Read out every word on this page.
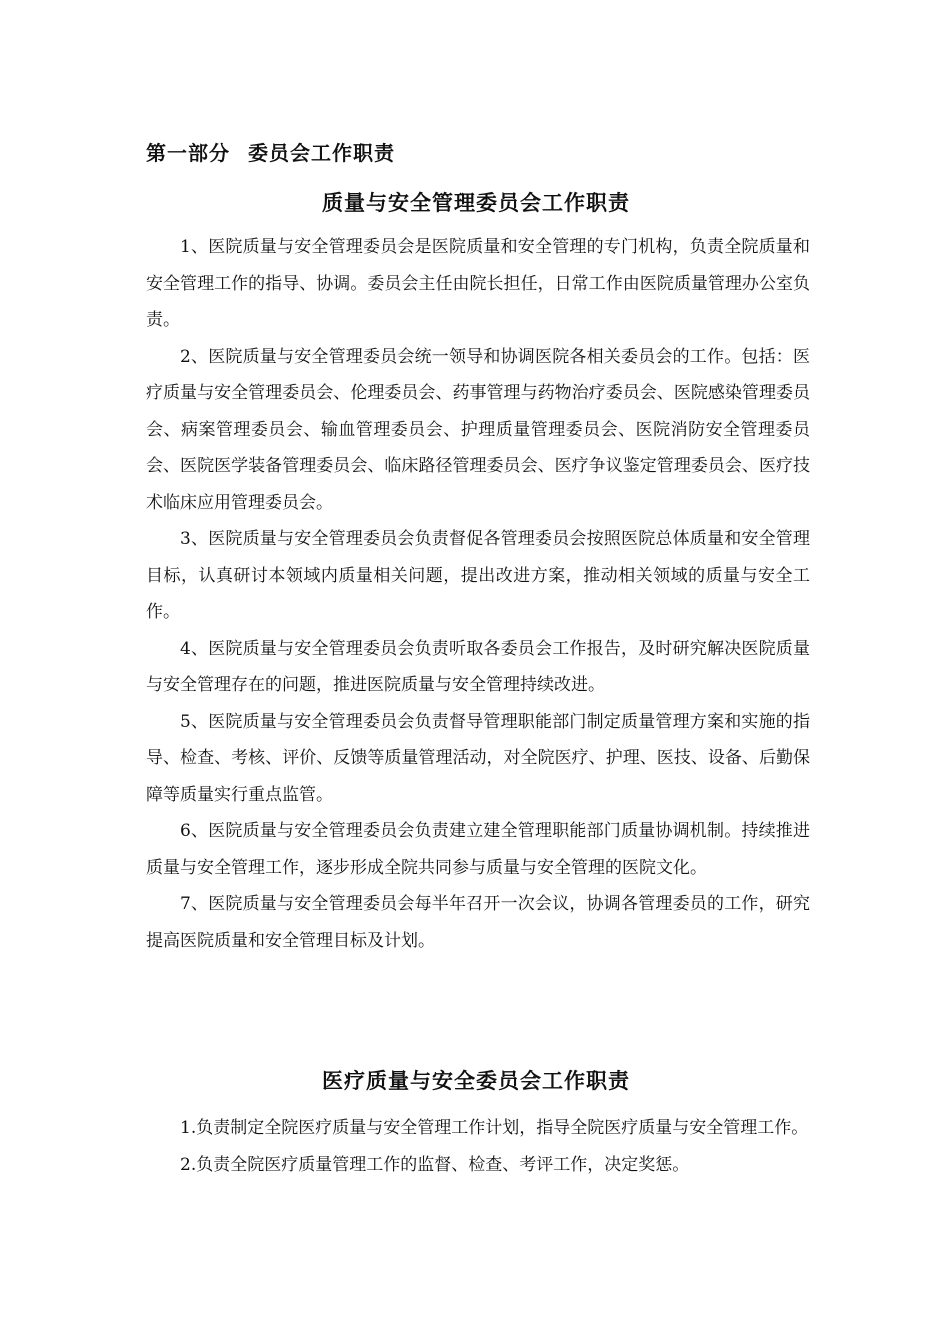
第一部分 委员会工作职责
质量与安全管理委员会工作职责

1、医院质量与安全管理委员会是医院质量和安全管理的专门机构，负责全院质量和安全管理工作的指导、协调。委员会主任由院长担任，日常工作由医院质量管理办公室负责。

2、医院质量与安全管理委员会统一领导和协调医院各相关委员会的工作。包括：医疗质量与安全管理委员会、伦理委员会、药事管理与药物治疗委员会、医院感染管理委员会、病案管理委员会、输血管理委员会、护理质量管理委员会、医院消防安全管理委员会、医院医学装备管理委员会、临床路径管理委员会、医疗争议鉴定管理委员会、医疗技术临床应用管理委员会。

3、医院质量与安全管理委员会负责督促各管理委员会按照医院总体质量和安全管理目标，认真研讨本领域内质量相关问题，提出改进方案，推动相关领域的质量与安全工作。

4、医院质量与安全管理委员会负责听取各委员会工作报告，及时研究解决医院质量与安全管理存在的问题，推进医院质量与安全管理持续改进。

5、医院质量与安全管理委员会负责督导管理职能部门制定质量管理方案和实施的指导、检查、考核、评价、反馈等质量管理活动，对全院医疗、护理、医技、设备、后勤保障等质量实行重点监管。

6、医院质量与安全管理委员会负责建立建全管理职能部门质量协调机制。持续推进质量与安全管理工作，逐步形成全院共同参与质量与安全管理的医院文化。

7、医院质量与安全管理委员会每半年召开一次会议，协调各管理委员的工作，研究提高医院质量和安全管理目标及计划。

医疗质量与安全委员会工作职责

1.负责制定全院医疗质量与安全管理工作计划，指导全院医疗质量与安全管理工作。

2.负责全院医疗质量管理工作的监督、检查、考评工作，决定奖惩。
